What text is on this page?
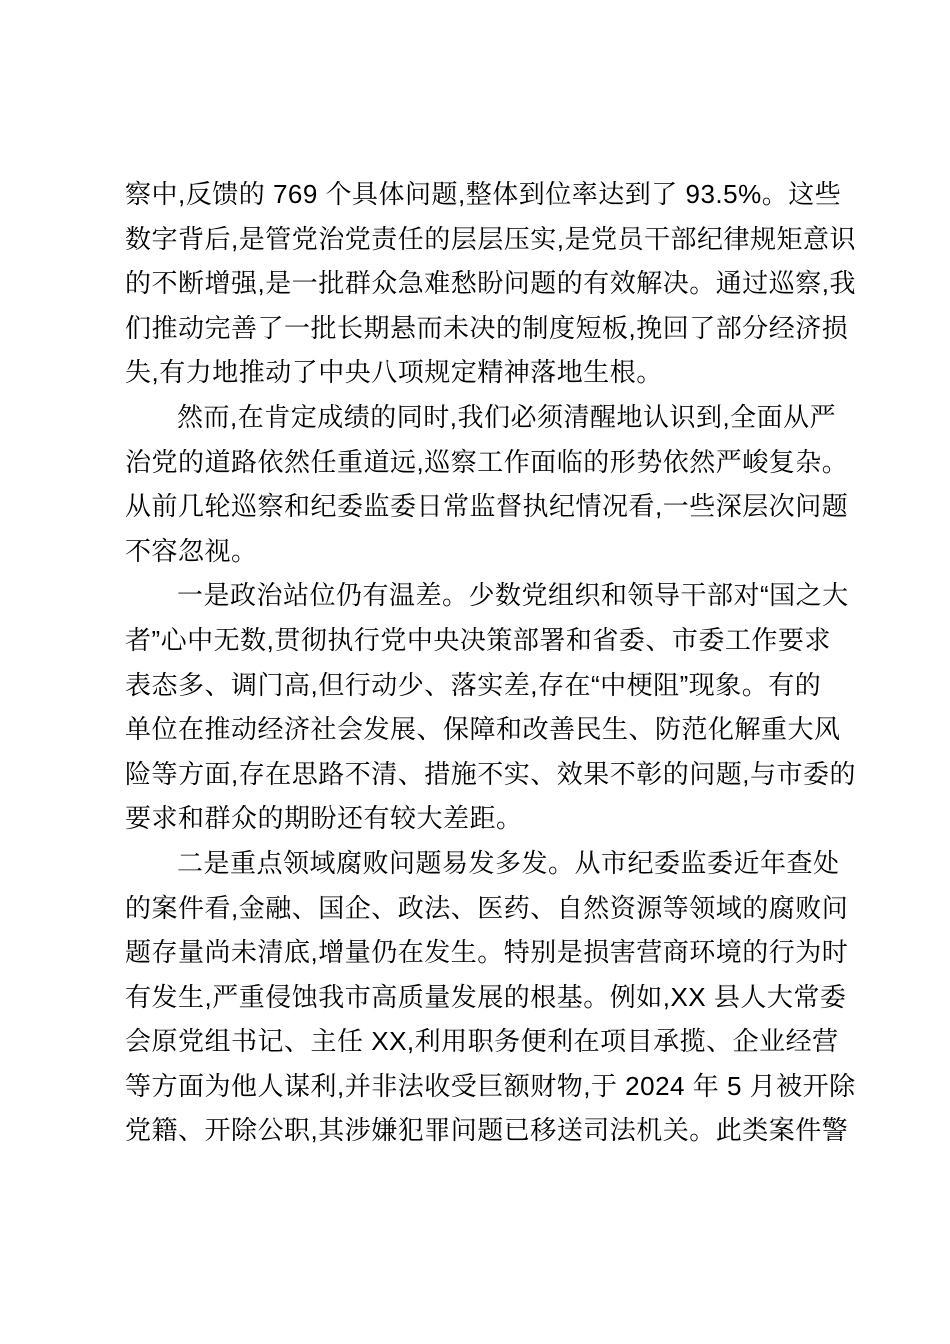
察中,反馈的 769 个具体问题,整体到位率达到了 93.5%。这些
数字背后,是管党治党责任的层层压实,是党员干部纪律规矩意识
的不断增强,是一批群众急难愁盼问题的有效解决。通过巡察,我
们推动完善了一批长期悬而未决的制度短板,挽回了部分经济损
失,有力地推动了中央八项规定精神落地生根。
然而,在肯定成绩的同时,我们必须清醒地认识到,全面从严
治党的道路依然任重道远,巡察工作面临的形势依然严峻复杂。
从前几轮巡察和纪委监委日常监督执纪情况看,一些深层次问题
不容忽视。
一是政治站位仍有温差。少数党组织和领导干部对“国之大
者”心中无数,贯彻执行党中央决策部署和省委、市委工作要求
表态多、调门高,但行动少、落实差,存在“中梗阻”现象。有的
单位在推动经济社会发展、保障和改善民生、防范化解重大风
险等方面,存在思路不清、措施不实、效果不彰的问题,与市委的
要求和群众的期盼还有较大差距。
二是重点领域腐败问题易发多发。从市纪委监委近年查处
的案件看,金融、国企、政法、医药、自然资源等领域的腐败问
题存量尚未清底,增量仍在发生。特别是损害营商环境的行为时
有发生,严重侵蚀我市高质量发展的根基。例如,XX 县人大常委
会原党组书记、主任 XX,利用职务便利在项目承揽、企业经营
等方面为他人谋利,并非法收受巨额财物,于 2024 年 5 月被开除
党籍、开除公职,其涉嫌犯罪问题已移送司法机关。此类案件警
